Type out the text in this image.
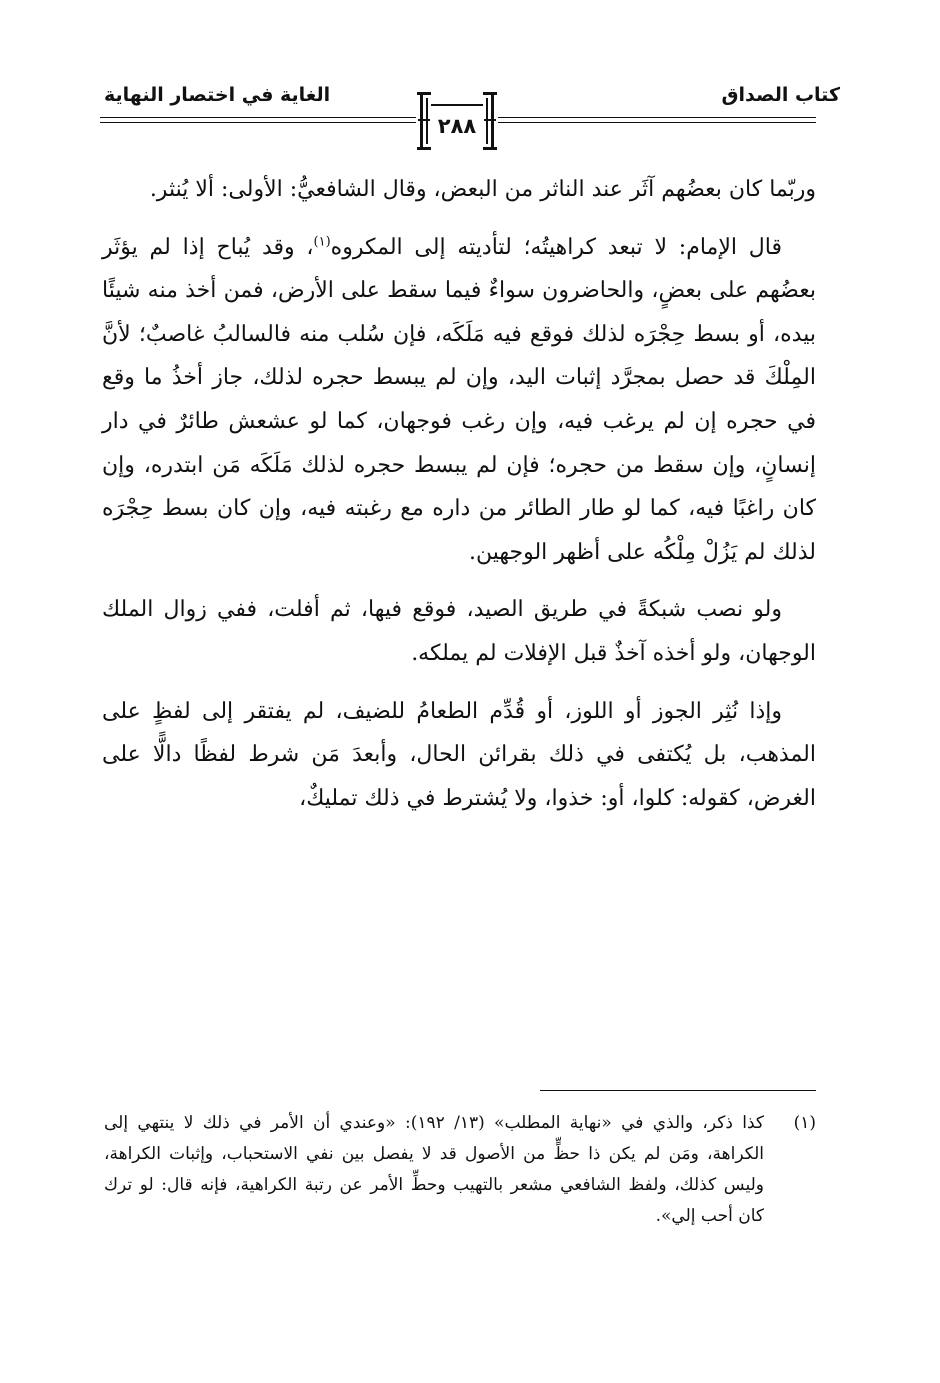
كتاب الصداق
الغاية في اختصار النهاية
٢٨٨

وربّما كان بعضُهم آثَر عند الناثر من البعض، وقال الشافعيُّ: الأولى: ألا يُنثر.

قال الإمام: لا تبعد كراهيتُه؛ لتأديته إلى المكروه$^{(١)}$، وقد يُباح إذا لم يؤثَر بعضُهم على بعضٍ، والحاضرون سواءٌ فيما سقط على الأرض، فمن أخذ منه شيئًا بيده، أو بسط حِجْرَه لذلك فوقع فيه مَلَكَه، فإن سُلب منه فالسالبُ غاصبٌ؛ لأنَّ المِلْكَ قد حصل بمجرَّد إثبات اليد، وإن لم يبسط حجره لذلك، جاز أخذُ ما وقع في حجره إن لم يرغب فيه، وإن رغب فوجهان، كما لو عشعش طائرٌ في دار إنسانٍ، وإن سقط من حجره؛ فإن لم يبسط حجره لذلك مَلَكَه مَن ابتدره، وإن كان راغبًا فيه، كما لو طار الطائر من داره مع رغبته فيه، وإن كان بسط حِجْرَه لذلك لم يَزُلْ مِلْكُه على أظهر الوجهين.

ولو نصب شبكةً في طريق الصيد، فوقع فيها، ثم أفلت، ففي زوال الملك الوجهان، ولو أخذه آخذٌ قبل الإفلات لم يملكه.

وإذا نُثِر الجوز أو اللوز، أو قُدِّم الطعامُ للضيف، لم يفتقر إلى لفظٍ على المذهب، بل يُكتفى في ذلك بقرائن الحال، وأبعدَ مَن شرط لفظًا دالًّا على الغرض، كقوله: كلوا، أو: خذوا، ولا يُشترط في ذلك تمليكٌ،

(١)
كذا ذكر، والذي في «نهاية المطلب» (١٣/ ١٩٢): «وعندي أن الأمر في ذلك لا ينتهي إلى الكراهة، ومَن لم يكن ذا حظٍّ من الأصول قد لا يفصل بين نفي الاستحباب، وإثبات الكراهة، وليس كذلك، ولفظ الشافعي مشعر بالتهيب وحطِّ الأمر عن رتبة الكراهية، فإنه قال: لو ترك كان أحب إلي».
